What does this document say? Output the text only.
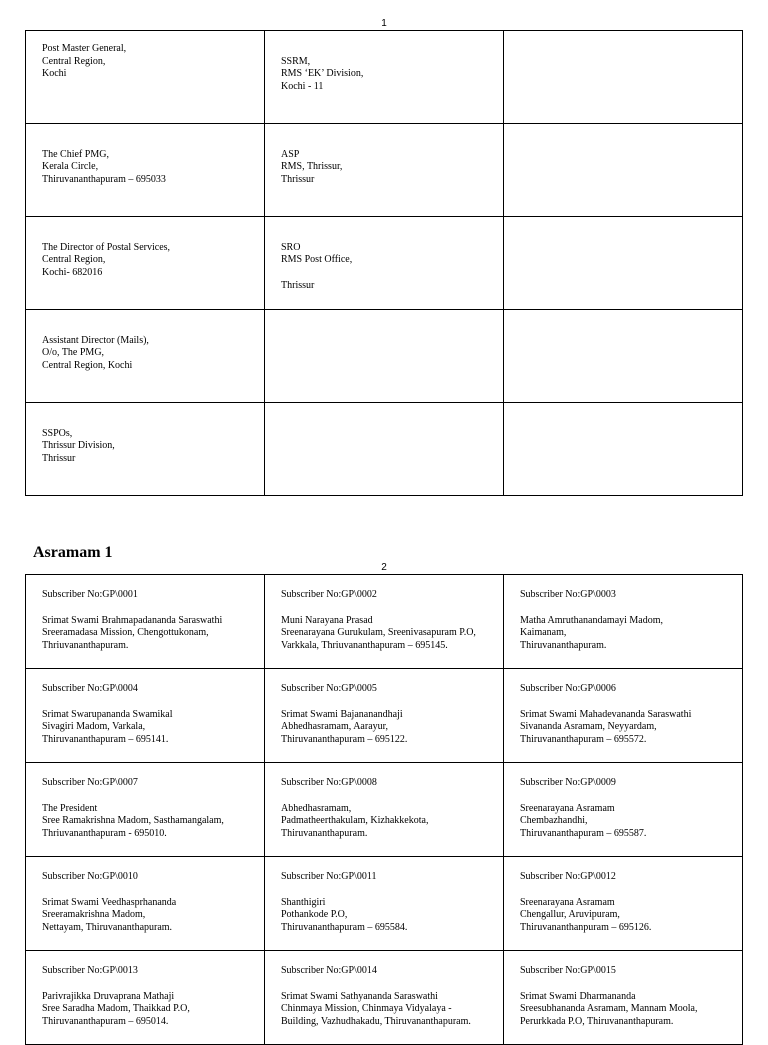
1
Post Master General,
Central Region,
Kochi	SSRM,
RMS ‘EK’ Division,
Kochi - 11	

The Chief PMG,
Kerala Circle,
Thiruvananthapuram – 695033	ASP
RMS, Thrissur,
Thrissur	

The Director of Postal Services,
Central Region,
Kochi- 682016	SRO
RMS Post Office,
Thrissur	

Assistant Director (Mails),
O/o, The PMG,
Central Region, Kochi		

SSPOs,
Thrissur Division,
Thrissur		

Asramam 1
2
Subscriber No:GP\0001
Srimat Swami Brahmapadananda Saraswathi
Sreeramadasa Mission, Chengottukonam,
Thriuvananthapuram.	Subscriber No:GP\0002
Muni Narayana Prasad
Sreenarayana Gurukulam, Sreenivasapuram P.O,
Varkkala, Thriuvananthapuram – 695145.	Subscriber No:GP\0003
Matha Amruthanandamayi Madom,
Kaimanam,
Thiruvananthapuram.

Subscriber No:GP\0004
Srimat Swarupananda Swamikal
Sivagiri Madom, Varkala,
Thiruvananthapuram – 695141.	Subscriber No:GP\0005
Srimat Swami Bajananandhaji
Abhedhasramam, Aarayur,
Thiruvananthapuram – 695122.	Subscriber No:GP\0006
Srimat Swami Mahadevananda Saraswathi
Sivananda Asramam, Neyyardam,
Thiruvananthapuram – 695572.

Subscriber No:GP\0007
The President
Sree Ramakrishna Madom, Sasthamangalam,
Thriuvananthapuram - 695010.	Subscriber No:GP\0008
Abhedhasramam,
Padmatheerthakulam, Kizhakkekota,
Thiruvananthapuram.	Subscriber No:GP\0009
Sreenarayana Asramam
Chembazhandhi,
Thiruvananthapuram – 695587.

Subscriber No:GP\0010
Srimat Swami Veedhasprhananda
Sreeramakrishna Madom,
Nettayam, Thiruvananthapuram.	Subscriber No:GP\0011
Shanthigiri
Pothankode P.O,
Thiruvananthapuram – 695584.	Subscriber No:GP\0012
Sreenarayana Asramam
Chengallur, Aruvipuram,
Thiruvananthanpuram – 695126.

Subscriber No:GP\0013
Parivrajikka Druvaprana Mathaji
Sree Saradha Madom, Thaikkad P.O,
Thiruvananthapuram – 695014.	Subscriber No:GP\0014
Srimat Swami Sathyananda Saraswathi
Chinmaya Mission, Chinmaya Vidyalaya -
Building, Vazhudhakadu, Thiruvananthapuram.	Subscriber No:GP\0015
Srimat Swami Dharmananda
Sreesubhananda Asramam, Mannam Moola,
Perurkkada P.O, Thiruvananthapuram.
